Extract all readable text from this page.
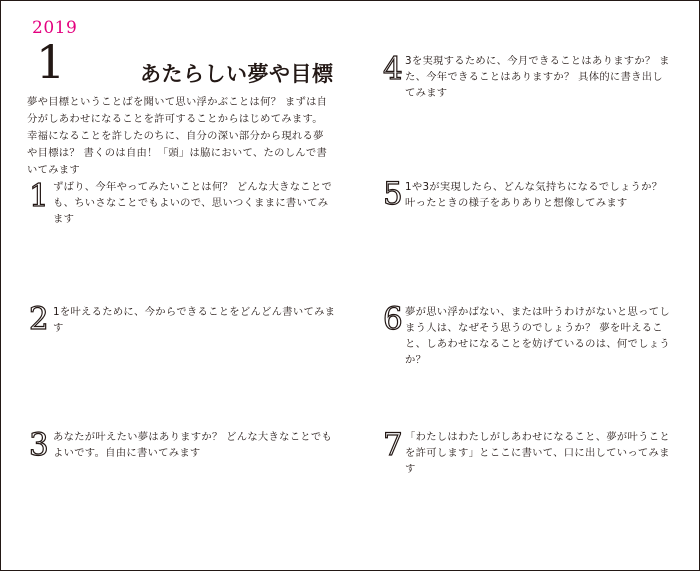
2019
1	あたらしい夢や目標
夢や目標ということばを聞いて思い浮かぶことは何？ まずは自分がしあわせになることを許可することからはじめてみます。幸福になることを許したのちに、自分の深い部分から現れる夢や目標は？ 書くのは自由！「頭」は脇において、たのしんで書いてみます
1 ずばり、今年やってみたいことは何？ どんな大きなことでも、ちいさなことでもよいので、思いつくままに書いてみます
2 1を叶えるために、今からできることをどんどん書いてみます
3 あなたが叶えたい夢はありますか？ どんな大きなことでもよいです。自由に書いてみます
4 3を実現するために、今月できることはありますか？ また、今年できることはありますか？ 具体的に書き出してみます
5 1や3が実現したら、どんな気持ちになるでしょうか？ 叶ったときの様子をありありと想像してみます
6 夢が思い浮かばない、または叶うわけがないと思ってしまう人は、なぜそう思うのでしょうか？ 夢を叶えること、しあわせになることを妨げているのは、何でしょうか？
7 「わたしはわたしがしあわせになること、夢が叶うことを許可します」とここに書いて、口に出していってみます
